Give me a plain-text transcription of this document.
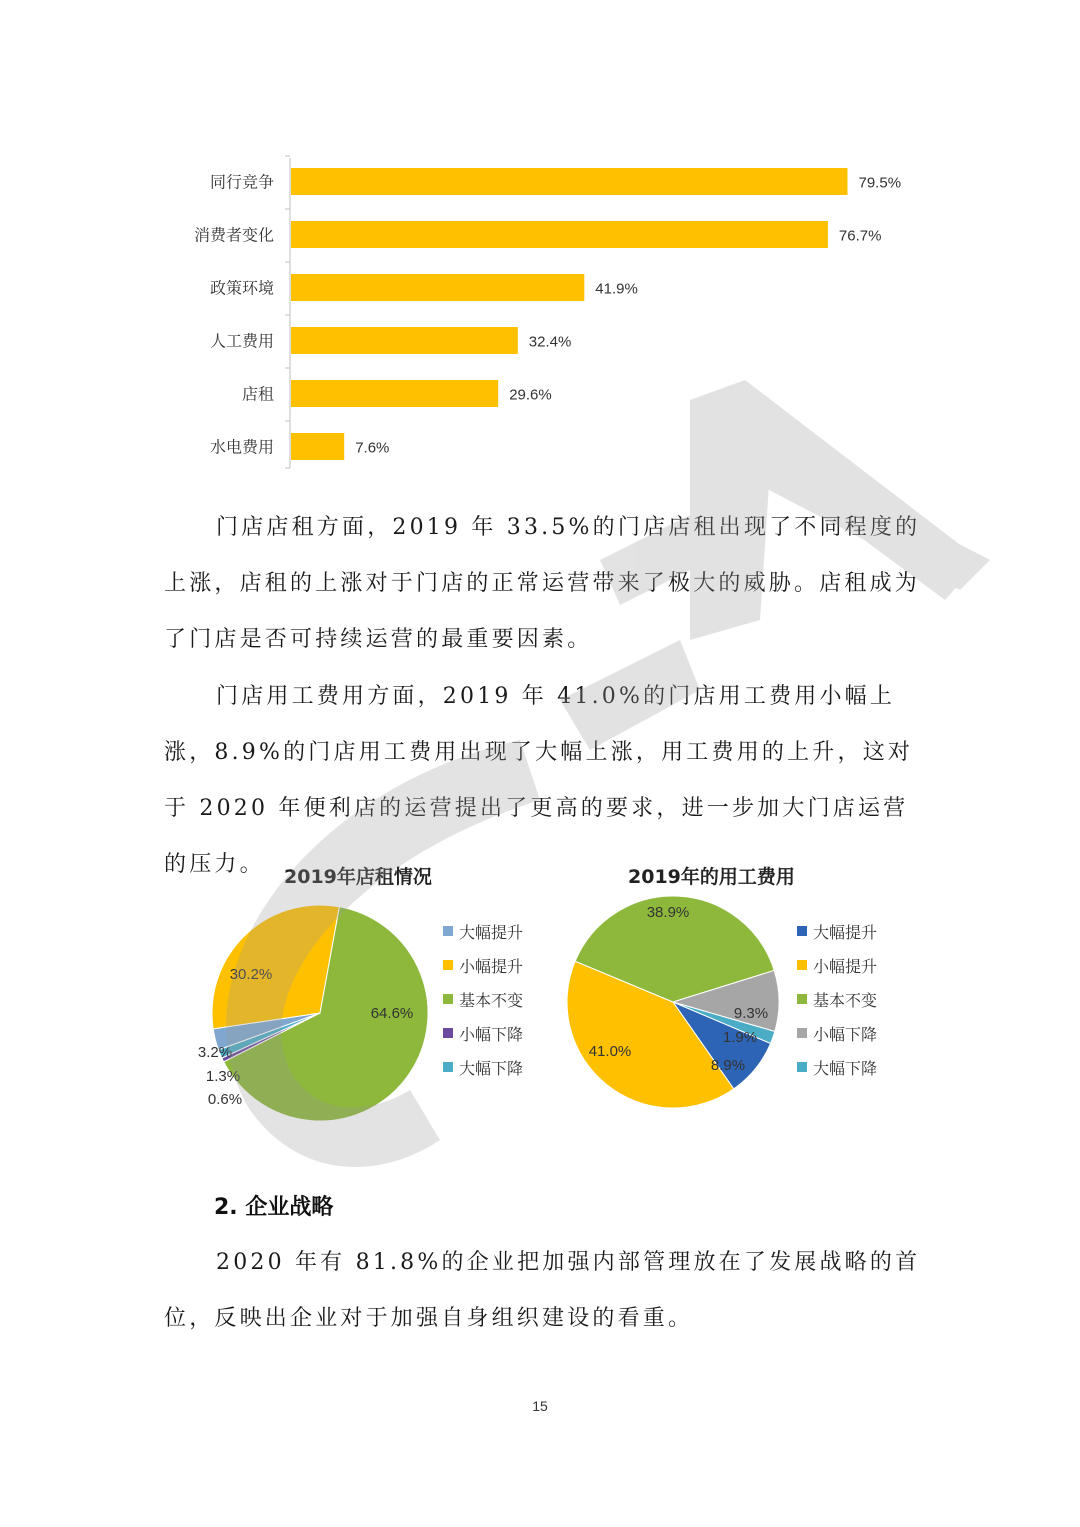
同行竞争	79.5%
消费者变化	76.7%
政策环境	41.9%
人工费用	32.4%
店租	29.6%
水电费用	7.6%

门店店租方面，2019 年 33.5%的门店店租出现了不同程度的上涨，店租的上涨对于门店的正常运营带来了极大的威胁。店租成为了门店是否可持续运营的最重要因素。

门店用工费用方面，2019 年 41.0%的门店用工费用小幅上涨，8.9%的门店用工费用出现了大幅上涨，用工费用的上升，这对于 2020 年便利店的运营提出了更高的要求，进一步加大门店运营的压力。	2019年店租情况
3.2%
30.2%
64.6%
0.6%
1.3%
大幅提升
小幅提升
基本不变
小幅下降
大幅下降
2019年的用工费用
8.9%
41.0%
38.9%
9.3%
1.9%
大幅提升
小幅提升
基本不变
小幅下降
大幅下降
2. 企业战略

2020 年有 81.8%的企业把加强内部管理放在了发展战略的首位，反映出企业对于加强自身组织建设的看重。

15
